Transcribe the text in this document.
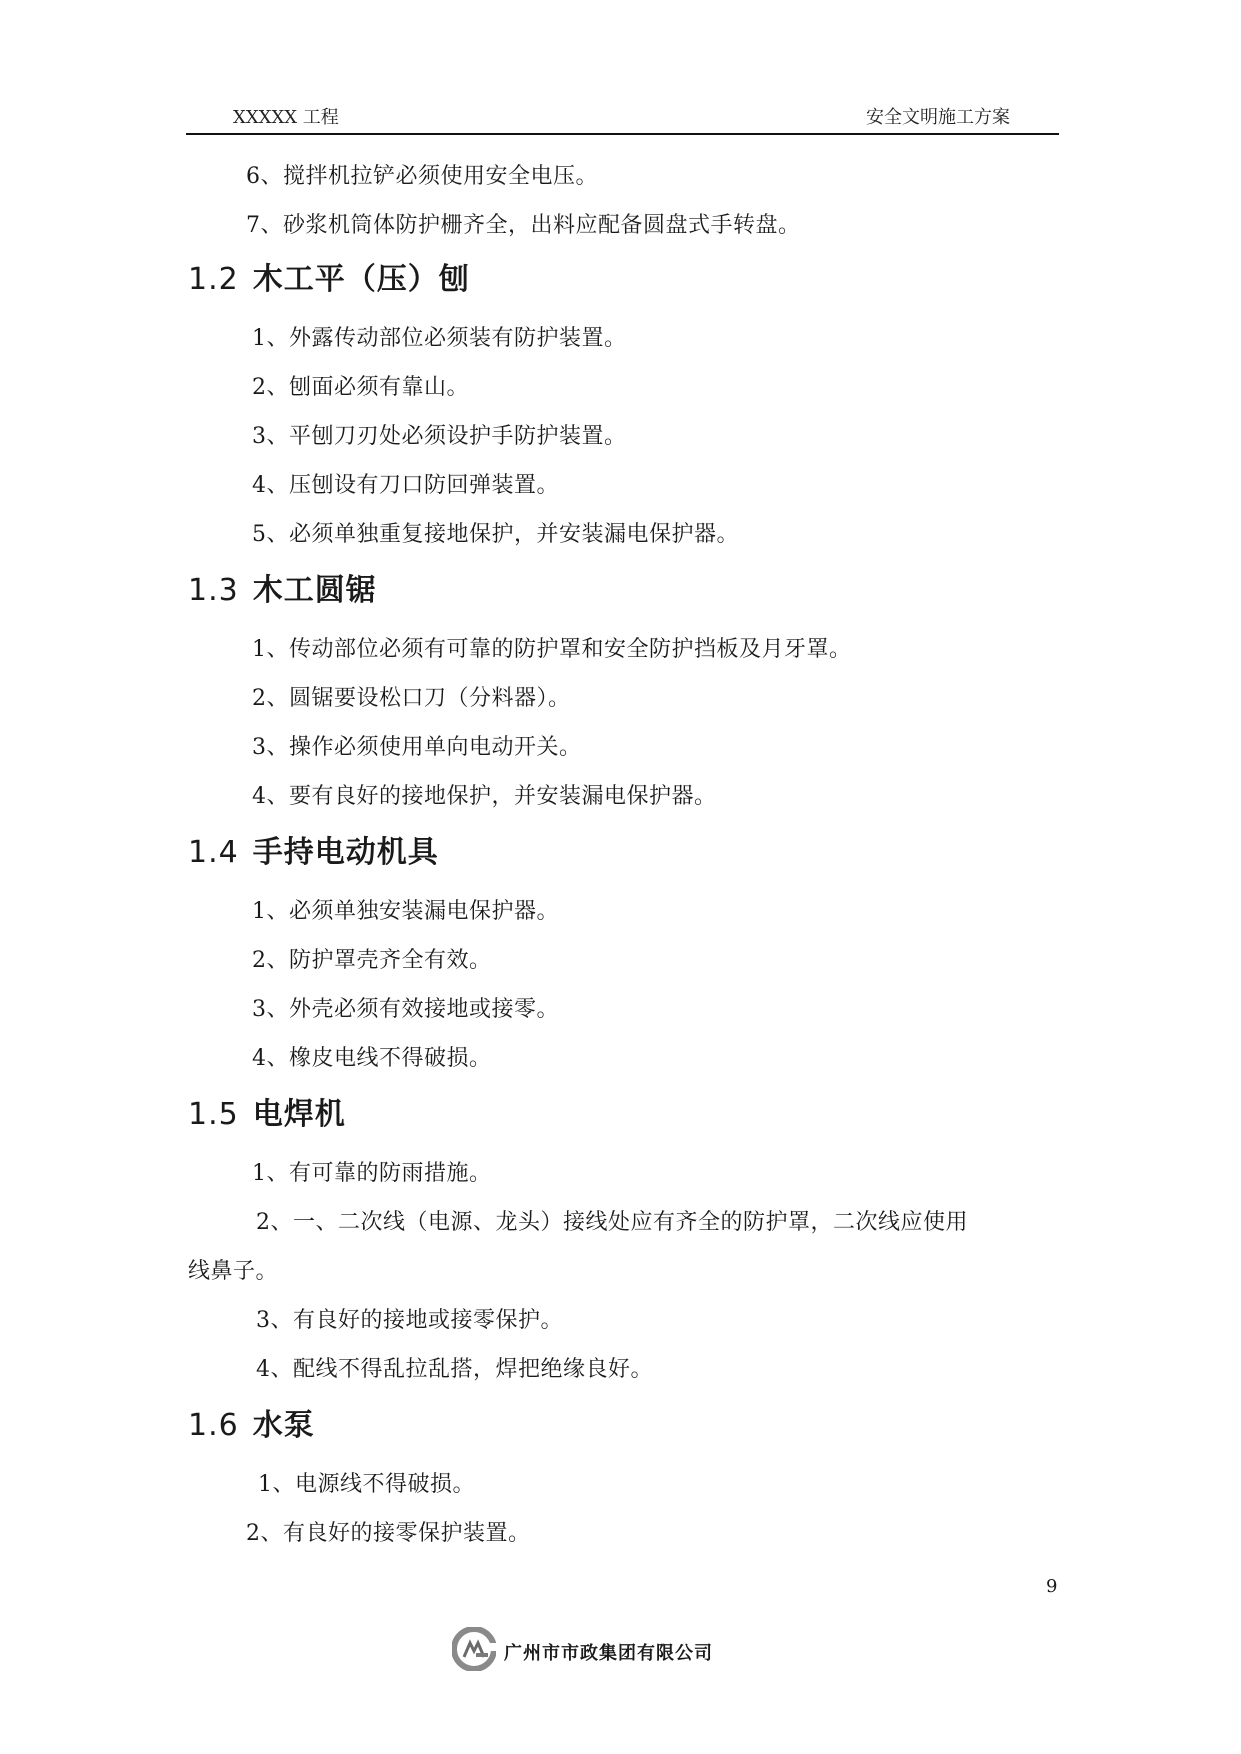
XXXXX 工程	安全文明施工方案
6、搅拌机拉铲必须使用安全电压。
7、砂浆机筒体防护栅齐全，出料应配备圆盘式手转盘。
1.2 木工平（压）刨
1、外露传动部位必须装有防护装置。
2、刨面必须有靠山。
3、平刨刀刃处必须设护手防护装置。
4、压刨设有刀口防回弹装置。
5、必须单独重复接地保护，并安装漏电保护器。
1.3 木工圆锯
1、传动部位必须有可靠的防护罩和安全防护挡板及月牙罩。
2、圆锯要设松口刀（分料器）。
3、操作必须使用单向电动开关。
4、要有良好的接地保护，并安装漏电保护器。
1.4 手持电动机具
1、必须单独安装漏电保护器。
2、防护罩壳齐全有效。
3、外壳必须有效接地或接零。
4、橡皮电线不得破损。
1.5 电焊机
1、有可靠的防雨措施。
2、一、二次线（电源、龙头）接线处应有齐全的防护罩，二次线应使用
线鼻子。
3、有良好的接地或接零保护。
4、配线不得乱拉乱搭，焊把绝缘良好。
1.6 水泵
1、电源线不得破损。
2、有良好的接零保护装置。
9
广州市市政集团有限公司
